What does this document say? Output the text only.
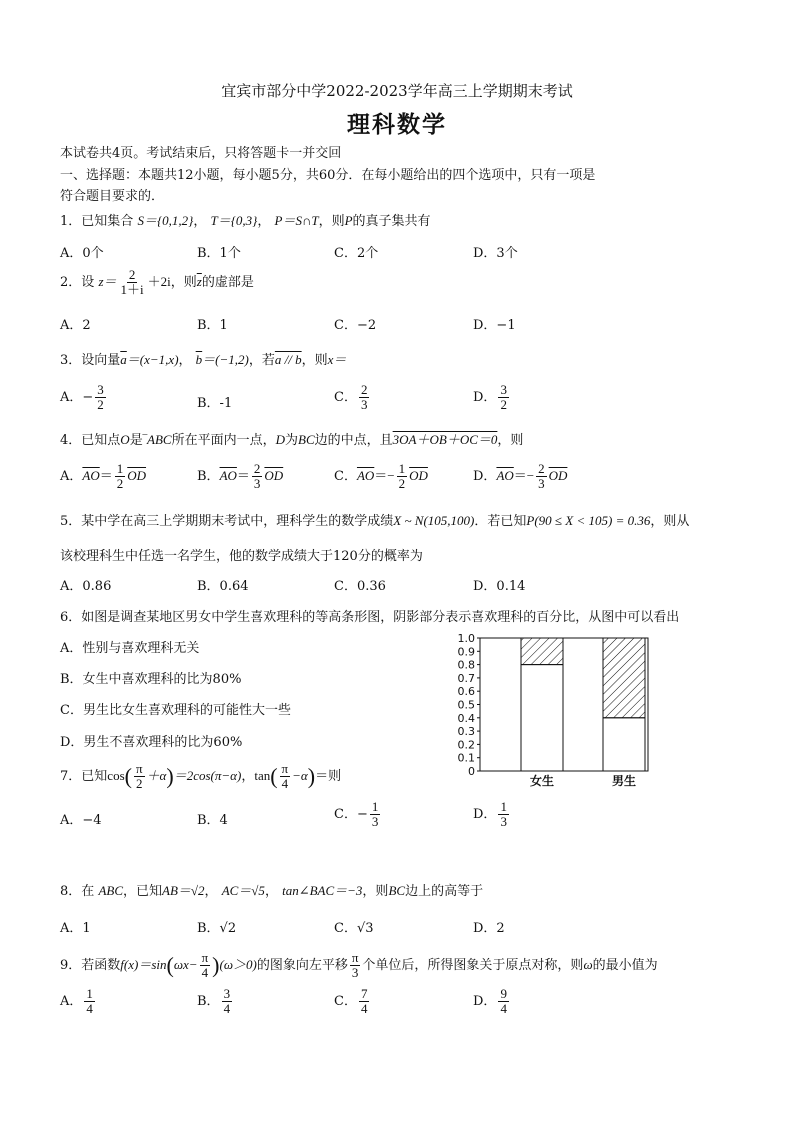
宜宾市部分中学2022-2023学年高三上学期期末考试
理科数学
本试卷共4页。考试结束后，只将答题卡一并交回
一、选择题：本题共12小题，每小题5分，共60分．在每小题给出的四个选项中，只有一项是
符合题目要求的．
1．已知集合 S＝{0,1,2}， T＝{0,3}， P＝S∩T，则P的真子集共有
A．0个	B．1个	C．2个	D．3个
2．设 $z= \frac{2}{1+i} +2i$，则$\overline{z}$的虚部是
A．2	B．1	C．−2	D．−1
3．设向量$\overline{a}=(x-1,x)$， $\overline{b}=(-1,2)$，若a // b，则x＝
A．− $\frac{3}{2}$	B．-1	C． $\frac{2}{3}$	D． $\frac{3}{2}$
4．已知点O是‾ABC所在平面内一点，D为BC边的中点，且3OA＋OB＋OC＝0，则
A．$\overline{AO}= \frac{1}{2} \overline{OD}$	B．$\overline{AO}= \frac{2}{3} \overline{OD}$	C．$\overline{AO}=- \frac{1}{2} \overline{OD}$	D．$\overline{AO}=- \frac{2}{3} \overline{OD}$
5．某中学在高三上学期期末考试中，理科学生的数学成绩X ~ N(105,100)．若已知P(90 ≤ X < 105) = 0.36，则从
该校理科生中任选一名学生，他的数学成绩大于120分的概率为
A．0.86	B．0.64	C．0.36	D．0.14
6．如图是调查某地区男女中学生喜欢理科的等高条形图，阴影部分表示喜欢理科的百分比，从图中可以看出
A．性别与喜欢理科无关
B．女生中喜欢理科的比为80%
C．男生比女生喜欢理科的可能性大一些
D．男生不喜欢理科的比为60%
0
0.1
0.2
0.3
0.4
0.5
0.6
0.7
0.8
0.9
1.0
女生	男生
7．已知$\cos( \frac{\pi}{2} +\alpha)=2\cos(\pi-\alpha)$，$\tan( \frac{\pi}{4} -\alpha)=$则
A．−4	B．4	C．− $\frac{1}{3}$	D． $\frac{1}{3}$
8．在 ABC，已知AB＝√2， AC＝√5， tan∠BAC＝−3，则BC边上的高等于
A．1	B．√2	C．√3	D．2
9．若函数$f(x)=\sin(\omega x- \frac{\pi}{4} )(\omega>0)$的图象向左平移 $\frac{\pi}{3}$ 个单位后，所得图象关于原点对称，则ω的最小值为
A． $\frac{1}{4}$	B． $\frac{3}{4}$	C． $\frac{7}{4}$	D． $\frac{9}{4}$
